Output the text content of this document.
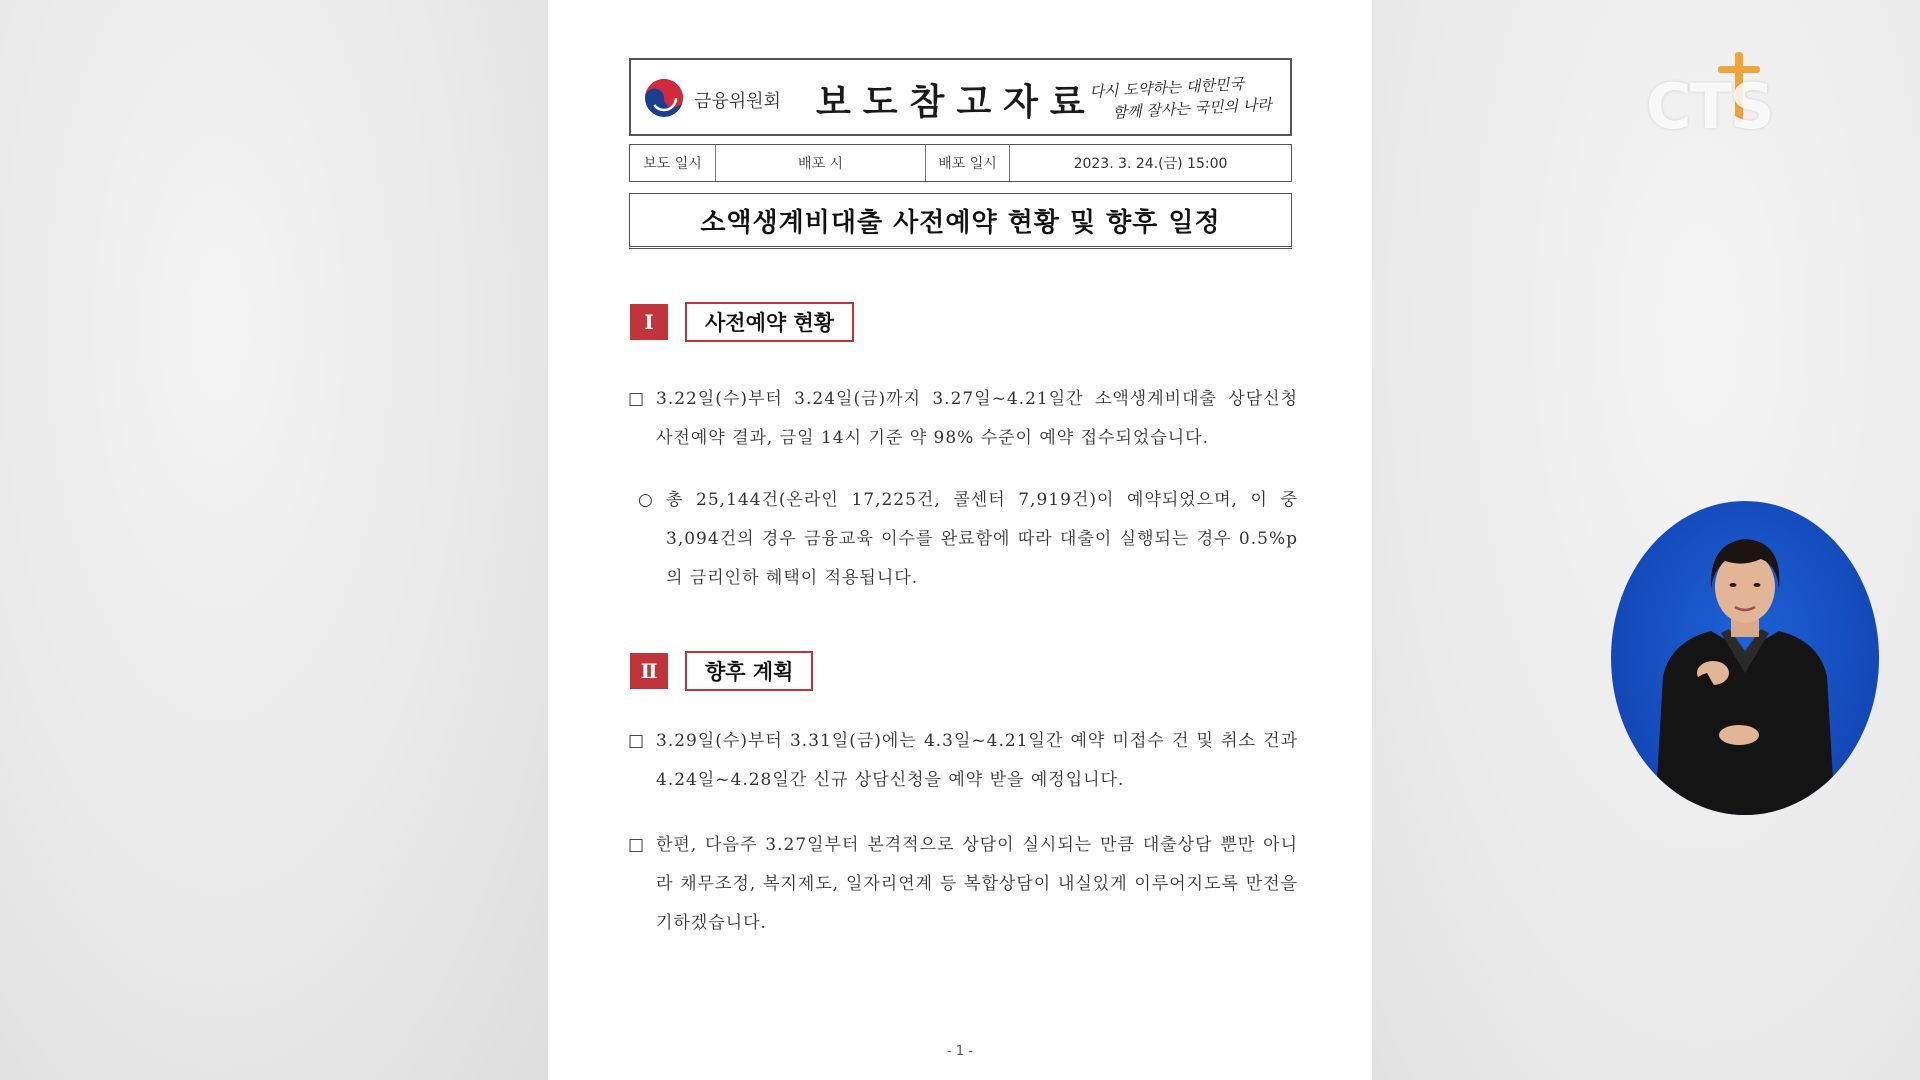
금융위원회 보도참고자료
다시 도약하는 대한민국
함께 잘사는 국민의 나라
보도 일시	배포 시	배포 일시	2023. 3. 24.(금) 15:00
소액생계비대출 사전예약 현황 및 향후 일정
Ⅰ	사전예약 현황
□ 3.22일(수)부터 3.24일(금)까지 3.27일~4.21일간 소액생계비대출 상담신청 사전예약 결과, 금일 14시 기준 약 98% 수준이 예약 접수되었습니다.
○ 총 25,144건(온라인 17,225건, 콜센터 7,919건)이 예약되었으며, 이 중 3,094건의 경우 금융교육 이수를 완료함에 따라 대출이 실행되는 경우 0.5%p의 금리인하 혜택이 적용됩니다.
Ⅱ	향후 계획
□ 3.29일(수)부터 3.31일(금)에는 4.3일~4.21일간 예약 미접수 건 및 취소 건과 4.24일~4.28일간 신규 상담신청을 예약 받을 예정입니다.
□ 한편, 다음주 3.27일부터 본격적으로 상담이 실시되는 만큼 대출상담 뿐만 아니라 채무조정, 복지제도, 일자리연계 등 복합상담이 내실있게 이루어지도록 만전을 기하겠습니다.
- 1 -
CTS
